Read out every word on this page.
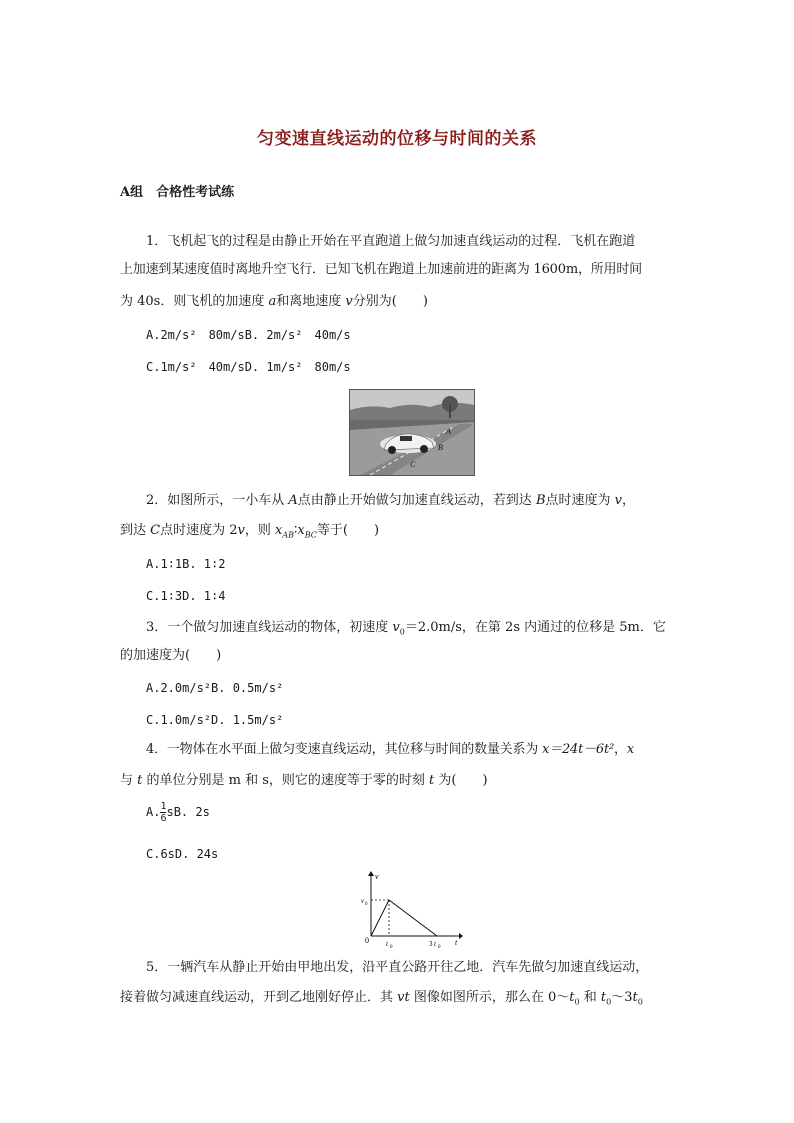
匀变速直线运动的位移与时间的关系
A组　合格性考试练
1．飞机起飞的过程是由静止开始在平直跑道上做匀加速直线运动的过程．飞机在跑道
上加速到某速度值时离地升空飞行．已知飞机在跑道上加速前进的距离为 1600m，所用时间
为 40s．则飞机的加速度 a和离地速度 v分别为(　　)
A.2m/s²　80m/sB. 2m/s²　40m/s
C.1m/s²　40m/sD. 1m/s²　80m/s
A
B
C
2．如图所示，一小车从 A点由静止开始做匀加速直线运动，若到达 B点时速度为 v，
到达 C点时速度为 2v，则 $x_{AB}∶x_{BC}$等于(　　)
A.1∶1B. 1∶2
C.1∶3D. 1∶4
3．一个做匀加速直线运动的物体，初速度 $v_0=2.0m/s$，在第 2s 内通过的位移是 5m．它
的加速度为(　　)
A.2.0m/s²B. 0.5m/s²
C.1.0m/s²D. 1.5m/s²
4．一物体在水平面上做匀变速直线运动，其位移与时间的数量关系为 x＝24t－6t²，x
与 t 的单位分别是 m 和 s，则它的速度等于零的时刻 t 为(　　)
A. $\frac{1}{6}$ sB. 2s
C.6sD. 24s
v
t
v 0
0 t 0	3 t 0
5．一辆汽车从静止开始由甲地出发，沿平直公路开往乙地．汽车先做匀加速直线运动，
接着做匀减速直线运动，开到乙地刚好停止．其 vt 图像如图所示，那么在 $0\sim t_0$ 和 $t_0\sim 3t_0$
